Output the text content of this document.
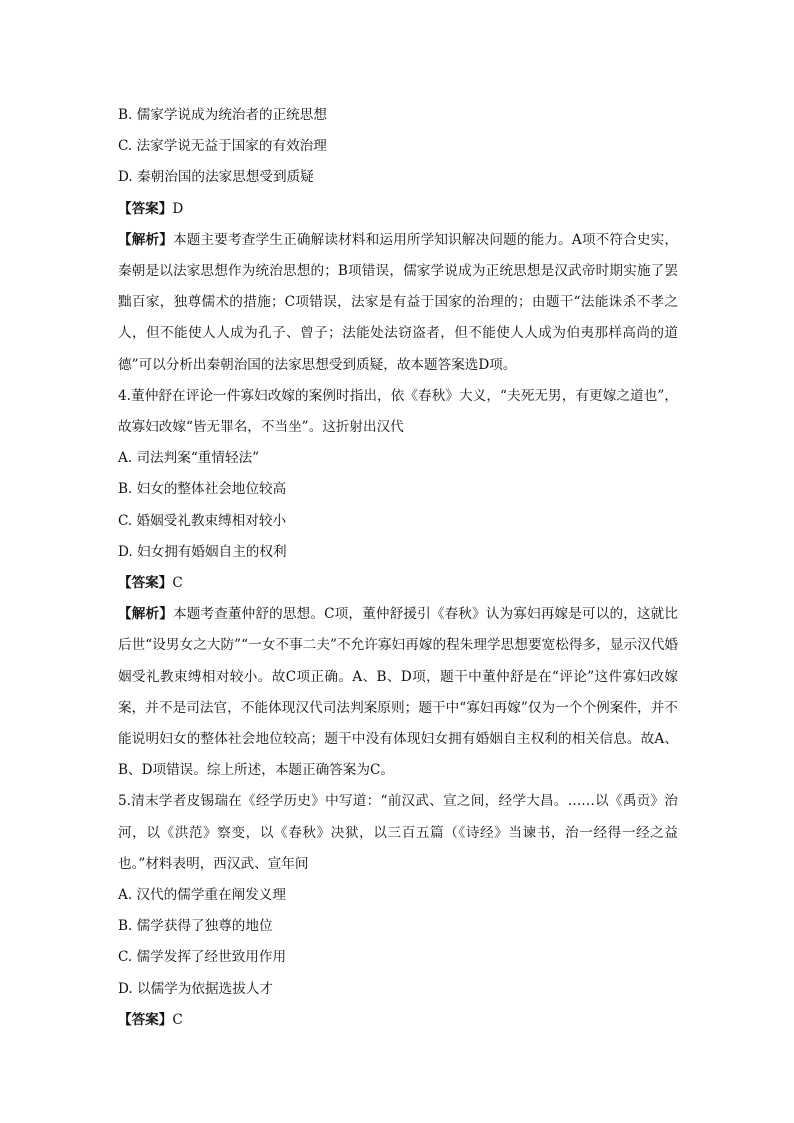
B. 儒家学说成为统治者的正统思想
C. 法家学说无益于国家的有效治理
D. 秦朝治国的法家思想受到质疑
【答案】D
【解析】本题主要考查学生正确解读材料和运用所学知识解决问题的能力。A项不符合史实，秦朝是以法家思想作为统治思想的；B项错误，儒家学说成为正统思想是汉武帝时期实施了罢黜百家，独尊儒术的措施；C项错误，法家是有益于国家的治理的；由题干“法能诛杀不孝之人，但不能使人人成为孔子、曾子；法能处法窃盗者，但不能使人人成为伯夷那样高尚的道德”可以分析出秦朝治国的法家思想受到质疑，故本题答案选D项。
4.董仲舒在评论一件寡妇改嫁的案例时指出，依《春秋》大义，“夫死无男，有更嫁之道也”，故寡妇改嫁“皆无罪名，不当坐”。这折射出汉代
A. 司法判案“重情轻法”
B. 妇女的整体社会地位较高
C. 婚姻受礼教束缚相对较小
D. 妇女拥有婚姻自主的权利
【答案】C
【解析】本题考查董仲舒的思想。C项，董仲舒援引《春秋》认为寡妇再嫁是可以的，这就比后世“设男女之大防”“一女不事二夫”不允许寡妇再嫁的程朱理学思想要宽松得多，显示汉代婚姻受礼教束缚相对较小。故C项正确。A、B、D项，题干中董仲舒是在“评论”这件寡妇改嫁案，并不是司法官，不能体现汉代司法判案原则；题干中“寡妇再嫁”仅为一个个例案件，并不能说明妇女的整体社会地位较高；题干中没有体现妇女拥有婚姻自主权利的相关信息。故A、B、D项错误。综上所述，本题正确答案为C。
5.清末学者皮锡瑞在《经学历史》中写道：“前汉武、宣之间，经学大昌。……以《禹贡》治河，以《洪范》察变，以《春秋》决狱，以三百五篇（《诗经》当谏书，治一经得一经之益也。”材料表明，西汉武、宣年间
A. 汉代的儒学重在阐发义理
B. 儒学获得了独尊的地位
C. 儒学发挥了经世致用作用
D. 以儒学为依据选拔人才
【答案】C
